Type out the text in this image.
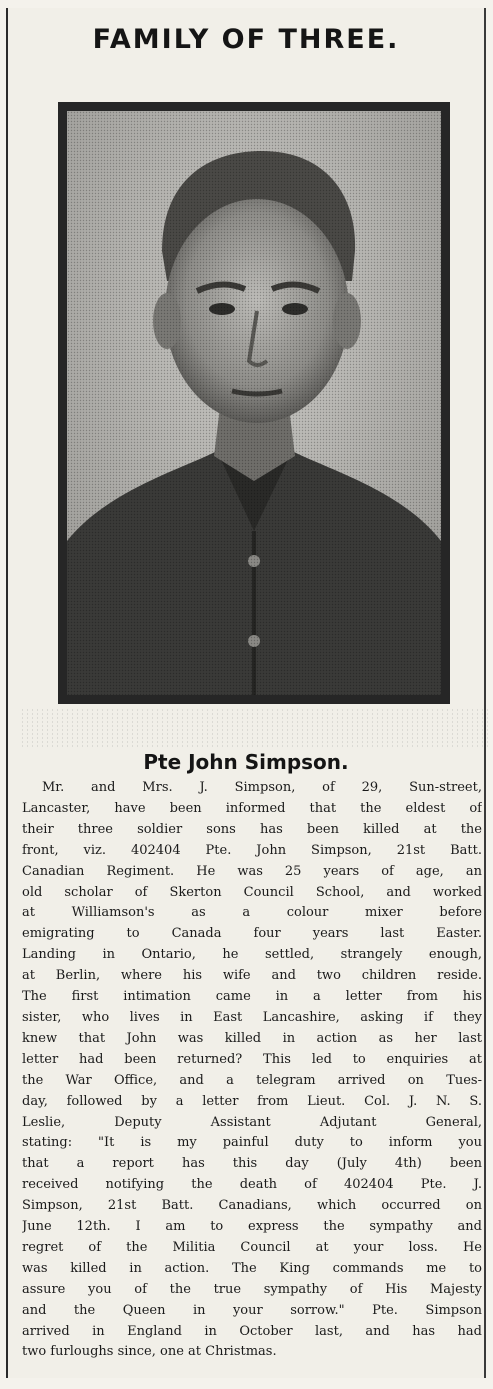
FAMILY OF THREE.
Pte John Simpson.
Mr. and Mrs. J. Simpson, of 29, Sun-street,
Lancaster, have been informed that the eldest of
their three soldier sons has been killed at the
front, viz. 402404 Pte. John Simpson, 21st Batt.
Canadian Regiment. He was 25 years of age, an
old scholar of Skerton Council School, and worked
at Williamson's as a colour mixer before
emigrating to Canada four years last Easter.
Landing in Ontario, he settled, strangely enough,
at Berlin, where his wife and two children reside.
The first intimation came in a letter from his
sister, who lives in East Lancashire, asking if they
knew that John was killed in action as her last
letter had been returned? This led to enquiries at
the War Office, and a telegram arrived on Tues-
day, followed by a letter from Lieut. Col. J. N. S.
Leslie, Deputy Assistant Adjutant General,
stating: "It is my painful duty to inform you
that a report has this day (July 4th) been
received notifying the death of 402404 Pte. J.
Simpson, 21st Batt. Canadians, which occurred on
June 12th. I am to express the sympathy and
regret of the Militia Council at your loss. He
was killed in action. The King commands me to
assure you of the true sympathy of His Majesty
and the Queen in your sorrow." Pte. Simpson
arrived in England in October last, and has had
two furloughs since, one at Christmas.
